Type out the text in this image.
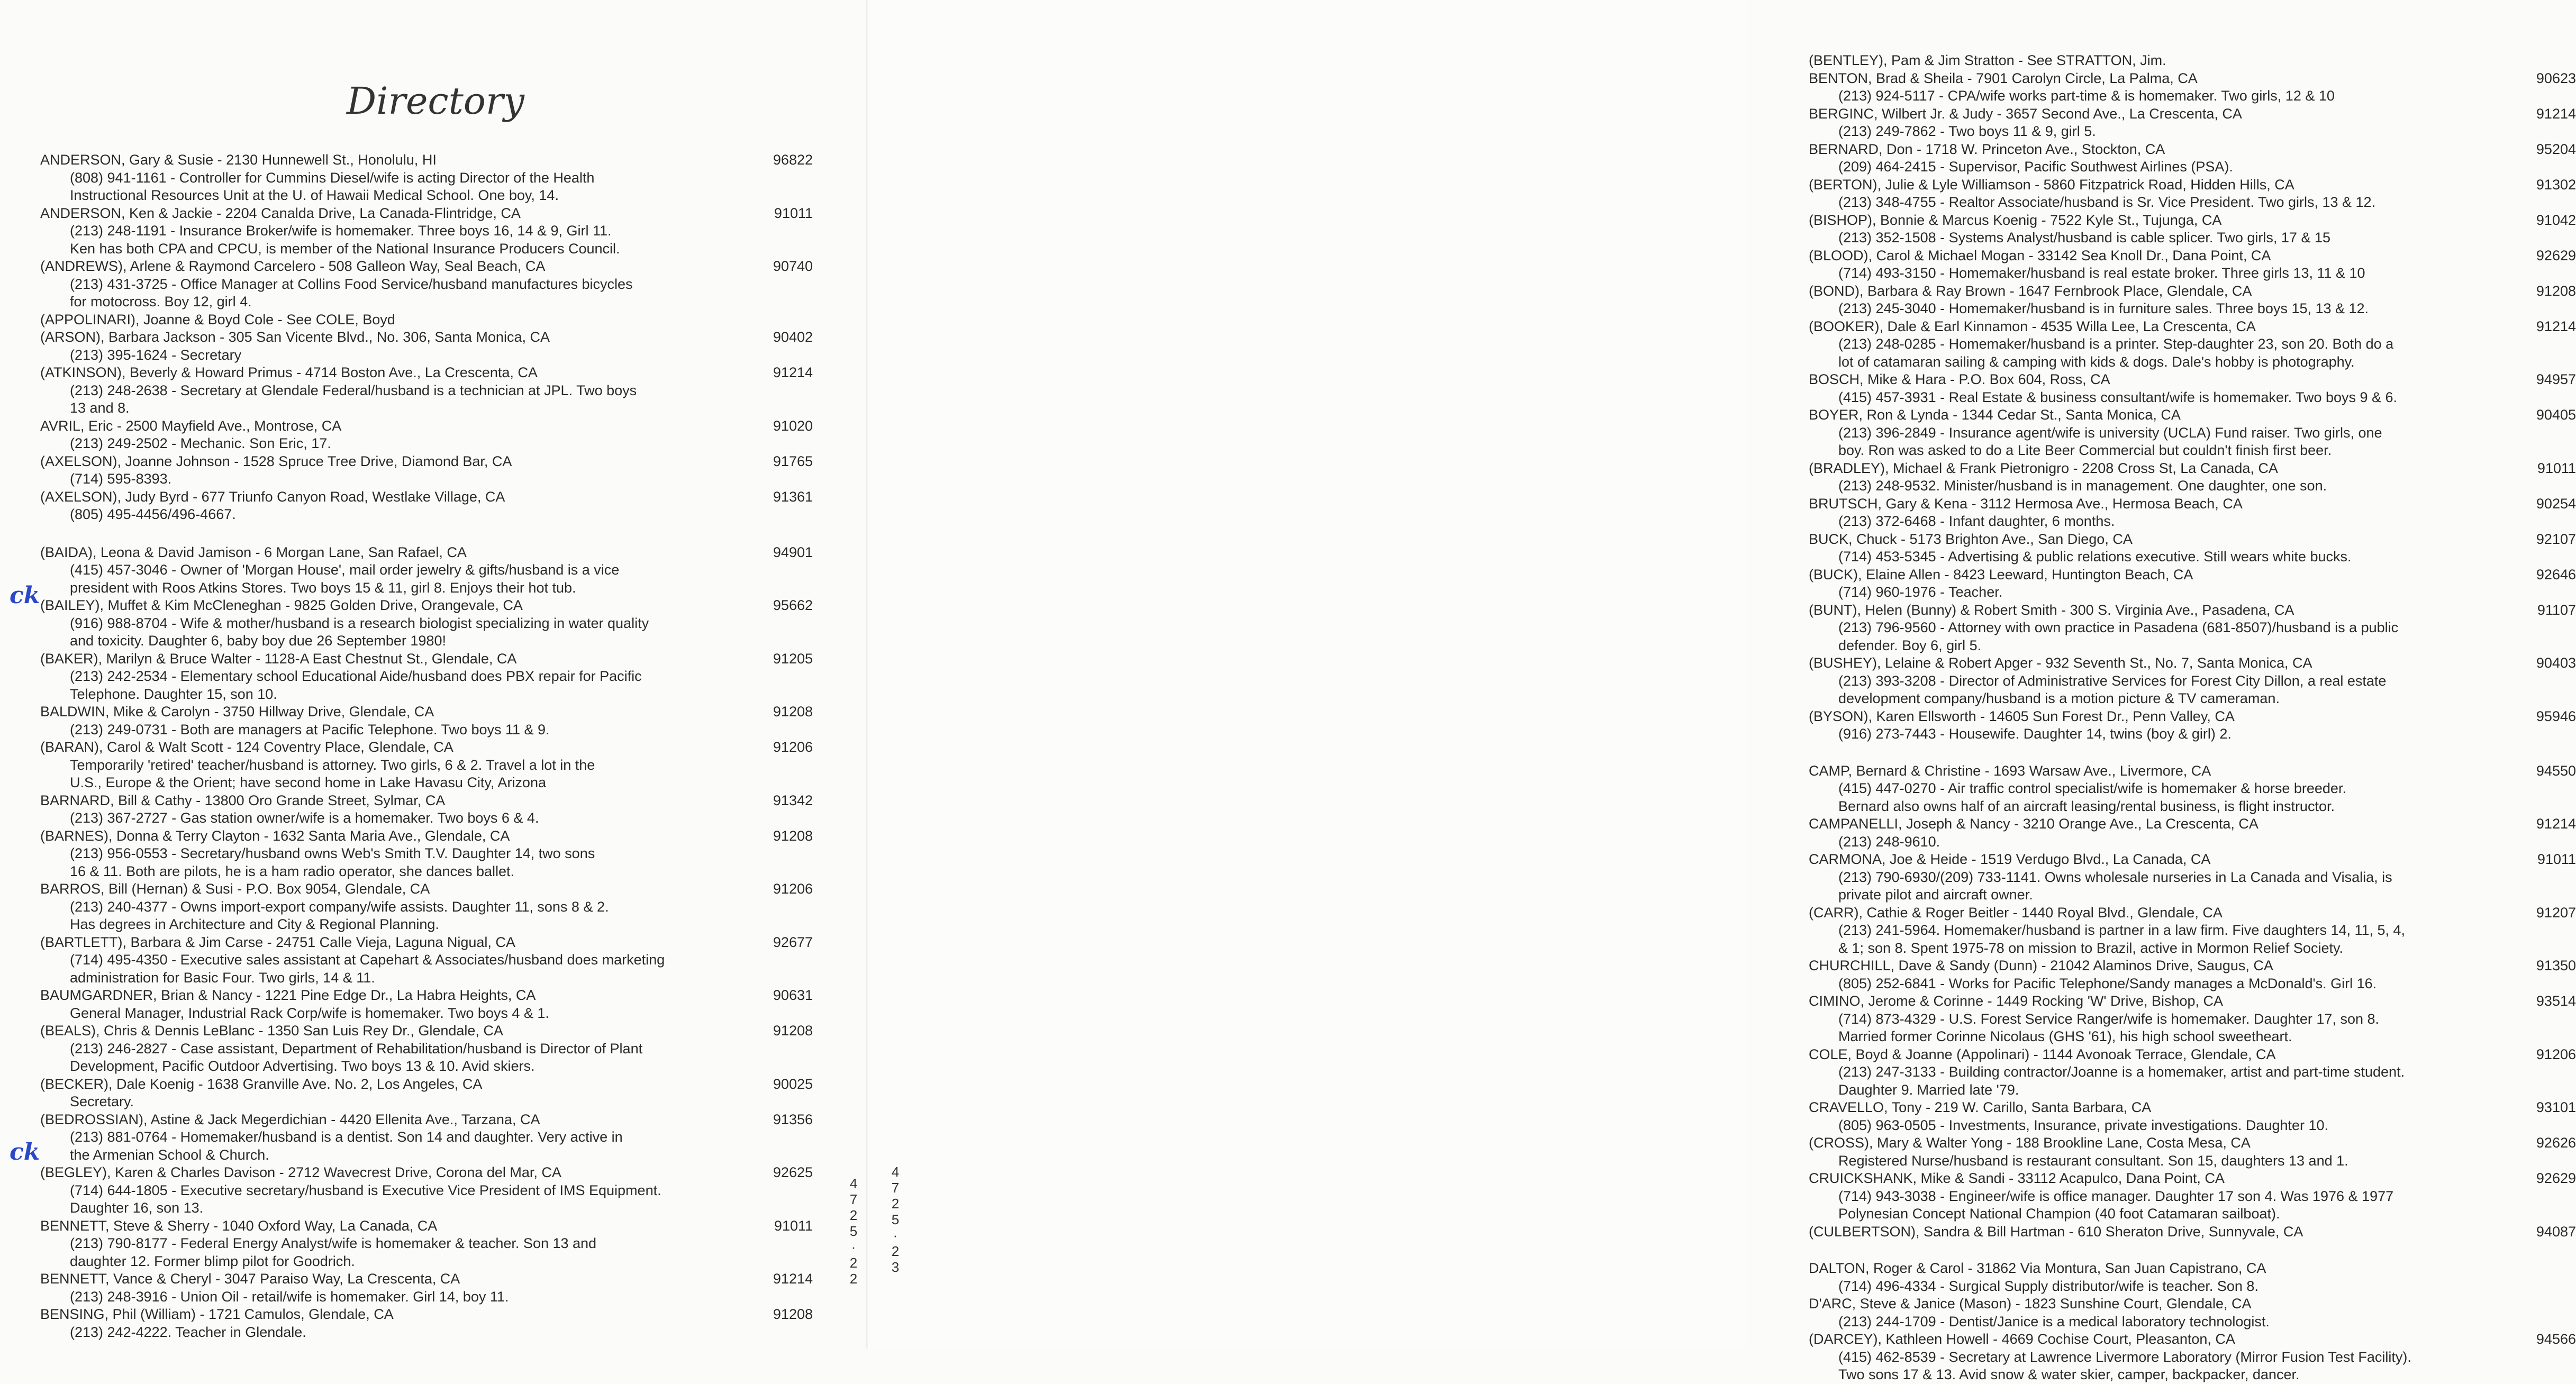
Directory
ANDERSON, Gary & Susie - 2130 Hunnewell St., Honolulu, HI	96822
(808) 941-1161 - Controller for Cummins Diesel/wife is acting Director of the Health
Instructional Resources Unit at the U. of Hawaii Medical School. One boy, 14.
ANDERSON, Ken & Jackie - 2204 Canalda Drive, La Canada-Flintridge, CA	91011
(213) 248-1191 - Insurance Broker/wife is homemaker. Three boys 16, 14 & 9, Girl 11.
Ken has both CPA and CPCU, is member of the National Insurance Producers Council.
(ANDREWS), Arlene & Raymond Carcelero - 508 Galleon Way, Seal Beach, CA	90740
(213) 431-3725 - Office Manager at Collins Food Service/husband manufactures bicycles
for motocross. Boy 12, girl 4.
(APPOLINARI), Joanne & Boyd Cole - See COLE, Boyd
(ARSON), Barbara Jackson - 305 San Vicente Blvd., No. 306, Santa Monica, CA	90402
(213) 395-1624 - Secretary
(ATKINSON), Beverly & Howard Primus - 4714 Boston Ave., La Crescenta, CA	91214
(213) 248-2638 - Secretary at Glendale Federal/husband is a technician at JPL. Two boys
13 and 8.
AVRIL, Eric - 2500 Mayfield Ave., Montrose, CA	91020
(213) 249-2502 - Mechanic. Son Eric, 17.
(AXELSON), Joanne Johnson - 1528 Spruce Tree Drive, Diamond Bar, CA	91765
(714) 595-8393.
(AXELSON), Judy Byrd - 677 Triunfo Canyon Road, Westlake Village, CA	91361
(805) 495-4456/496-4667.
(BAIDA), Leona & David Jamison - 6 Morgan Lane, San Rafael, CA	94901
(415) 457-3046 - Owner of 'Morgan House', mail order jewelry & gifts/husband is a vice
president with Roos Atkins Stores. Two boys 15 & 11, girl 8. Enjoys their hot tub.
(BAILEY), Muffet & Kim McCleneghan - 9825 Golden Drive, Orangevale, CA	95662
(916) 988-8704 - Wife & mother/husband is a research biologist specializing in water quality
and toxicity. Daughter 6, baby boy due 26 September 1980!
(BAKER), Marilyn & Bruce Walter - 1128-A East Chestnut St., Glendale, CA	91205
(213) 242-2534 - Elementary school Educational Aide/husband does PBX repair for Pacific
Telephone. Daughter 15, son 10.
BALDWIN, Mike & Carolyn - 3750 Hillway Drive, Glendale, CA	91208
(213) 249-0731 - Both are managers at Pacific Telephone. Two boys 11 & 9.
(BARAN), Carol & Walt Scott - 124 Coventry Place, Glendale, CA	91206
Temporarily 'retired' teacher/husband is attorney. Two girls, 6 & 2. Travel a lot in the
U.S., Europe & the Orient; have second home in Lake Havasu City, Arizona
BARNARD, Bill & Cathy - 13800 Oro Grande Street, Sylmar, CA	91342
(213) 367-2727 - Gas station owner/wife is a homemaker. Two boys 6 & 4.
(BARNES), Donna & Terry Clayton - 1632 Santa Maria Ave., Glendale, CA	91208
(213) 956-0553 - Secretary/husband owns Web's Smith T.V. Daughter 14, two sons
16 & 11. Both are pilots, he is a ham radio operator, she dances ballet.
BARROS, Bill (Hernan) & Susi - P.O. Box 9054, Glendale, CA	91206
(213) 240-4377 - Owns import-export company/wife assists. Daughter 11, sons 8 & 2.
Has degrees in Architecture and City & Regional Planning.
(BARTLETT), Barbara & Jim Carse - 24751 Calle Vieja, Laguna Nigual, CA	92677
(714) 495-4350 - Executive sales assistant at Capehart & Associates/husband does marketing
administration for Basic Four. Two girls, 14 & 11.
BAUMGARDNER, Brian & Nancy - 1221 Pine Edge Dr., La Habra Heights, CA	90631
General Manager, Industrial Rack Corp/wife is homemaker. Two boys 4 & 1.
(BEALS), Chris & Dennis LeBlanc - 1350 San Luis Rey Dr., Glendale, CA	91208
(213) 246-2827 - Case assistant, Department of Rehabilitation/husband is Director of Plant
Development, Pacific Outdoor Advertising. Two boys 13 & 10. Avid skiers.
(BECKER), Dale Koenig - 1638 Granville Ave. No. 2, Los Angeles, CA	90025
Secretary.
(BEDROSSIAN), Astine & Jack Megerdichian - 4420 Ellenita Ave., Tarzana, CA	91356
(213) 881-0764 - Homemaker/husband is a dentist. Son 14 and daughter. Very active in
the Armenian School & Church.
(BEGLEY), Karen & Charles Davison - 2712 Wavecrest Drive, Corona del Mar, CA	92625
(714) 644-1805 - Executive secretary/husband is Executive Vice President of IMS Equipment.
Daughter 16, son 13.
BENNETT, Steve & Sherry - 1040 Oxford Way, La Canada, CA	91011
(213) 790-8177 - Federal Energy Analyst/wife is homemaker & teacher. Son 13 and
daughter 12. Former blimp pilot for Goodrich.
BENNETT, Vance & Cheryl - 3047 Paraiso Way, La Crescenta, CA	91214
(213) 248-3916 - Union Oil - retail/wife is homemaker. Girl 14, boy 11.
BENSING, Phil (William) - 1721 Camulos, Glendale, CA	91208
(213) 242-4222. Teacher in Glendale.
ck
ck
4
7
2
5
·
2
2
(BENTLEY), Pam & Jim Stratton - See STRATTON, Jim.
BENTON, Brad & Sheila - 7901 Carolyn Circle, La Palma, CA	90623
(213) 924-5117 - CPA/wife works part-time & is homemaker. Two girls, 12 & 10
BERGINC, Wilbert Jr. & Judy - 3657 Second Ave., La Crescenta, CA	91214
(213) 249-7862 - Two boys 11 & 9, girl 5.
BERNARD, Don - 1718 W. Princeton Ave., Stockton, CA	95204
(209) 464-2415 - Supervisor, Pacific Southwest Airlines (PSA).
(BERTON), Julie & Lyle Williamson - 5860 Fitzpatrick Road, Hidden Hills, CA	91302
(213) 348-4755 - Realtor Associate/husband is Sr. Vice President. Two girls, 13 & 12.
(BISHOP), Bonnie & Marcus Koenig - 7522 Kyle St., Tujunga, CA	91042
(213) 352-1508 - Systems Analyst/husband is cable splicer. Two girls, 17 & 15
(BLOOD), Carol & Michael Mogan - 33142 Sea Knoll Dr., Dana Point, CA	92629
(714) 493-3150 - Homemaker/husband is real estate broker. Three girls 13, 11 & 10
(BOND), Barbara & Ray Brown - 1647 Fernbrook Place, Glendale, CA	91208
(213) 245-3040 - Homemaker/husband is in furniture sales. Three boys 15, 13 & 12.
(BOOKER), Dale & Earl Kinnamon - 4535 Willa Lee, La Crescenta, CA	91214
(213) 248-0285 - Homemaker/husband is a printer. Step-daughter 23, son 20. Both do a
lot of catamaran sailing & camping with kids & dogs. Dale's hobby is photography.
BOSCH, Mike & Hara - P.O. Box 604, Ross, CA	94957
(415) 457-3931 - Real Estate & business consultant/wife is homemaker. Two boys 9 & 6.
BOYER, Ron & Lynda - 1344 Cedar St., Santa Monica, CA	90405
(213) 396-2849 - Insurance agent/wife is university (UCLA) Fund raiser. Two girls, one
boy. Ron was asked to do a Lite Beer Commercial but couldn't finish first beer.
(BRADLEY), Michael & Frank Pietronigro - 2208 Cross St, La Canada, CA	91011
(213) 248-9532. Minister/husband is in management. One daughter, one son.
BRUTSCH, Gary & Kena - 3112 Hermosa Ave., Hermosa Beach, CA	90254
(213) 372-6468 - Infant daughter, 6 months.
BUCK, Chuck - 5173 Brighton Ave., San Diego, CA	92107
(714) 453-5345 - Advertising & public relations executive. Still wears white bucks.
(BUCK), Elaine Allen - 8423 Leeward, Huntington Beach, CA	92646
(714) 960-1976 - Teacher.
(BUNT), Helen (Bunny) & Robert Smith - 300 S. Virginia Ave., Pasadena, CA	91107
(213) 796-9560 - Attorney with own practice in Pasadena (681-8507)/husband is a public
defender. Boy 6, girl 5.
(BUSHEY), Lelaine & Robert Apger - 932 Seventh St., No. 7, Santa Monica, CA	90403
(213) 393-3208 - Director of Administrative Services for Forest City Dillon, a real estate
development company/husband is a motion picture & TV cameraman.
(BYSON), Karen Ellsworth - 14605 Sun Forest Dr., Penn Valley, CA	95946
(916) 273-7443 - Housewife. Daughter 14, twins (boy & girl) 2.
CAMP, Bernard & Christine - 1693 Warsaw Ave., Livermore, CA	94550
(415) 447-0270 - Air traffic control specialist/wife is homemaker & horse breeder.
Bernard also owns half of an aircraft leasing/rental business, is flight instructor.
CAMPANELLI, Joseph & Nancy - 3210 Orange Ave., La Crescenta, CA	91214
(213) 248-9610.
CARMONA, Joe & Heide - 1519 Verdugo Blvd., La Canada, CA	91011
(213) 790-6930/(209) 733-1141. Owns wholesale nurseries in La Canada and Visalia, is
private pilot and aircraft owner.
(CARR), Cathie & Roger Beitler - 1440 Royal Blvd., Glendale, CA	91207
(213) 241-5964. Homemaker/husband is partner in a law firm. Five daughters 14, 11, 5, 4,
& 1; son 8. Spent 1975-78 on mission to Brazil, active in Mormon Relief Society.
CHURCHILL, Dave & Sandy (Dunn) - 21042 Alaminos Drive, Saugus, CA	91350
(805) 252-6841 - Works for Pacific Telephone/Sandy manages a McDonald's. Girl 16.
CIMINO, Jerome & Corinne - 1449 Rocking 'W' Drive, Bishop, CA	93514
(714) 873-4329 - U.S. Forest Service Ranger/wife is homemaker. Daughter 17, son 8.
Married former Corinne Nicolaus (GHS '61), his high school sweetheart.
COLE, Boyd & Joanne (Appolinari) - 1144 Avonoak Terrace, Glendale, CA	91206
(213) 247-3133 - Building contractor/Joanne is a homemaker, artist and part-time student.
Daughter 9. Married late '79.
CRAVELLO, Tony - 219 W. Carillo, Santa Barbara, CA	93101
(805) 963-0505 - Investments, Insurance, private investigations. Daughter 10.
(CROSS), Mary & Walter Yong - 188 Brookline Lane, Costa Mesa, CA	92626
Registered Nurse/husband is restaurant consultant. Son 15, daughters 13 and 1.
CRUICKSHANK, Mike & Sandi - 33112 Acapulco, Dana Point, CA	92629
(714) 943-3038 - Engineer/wife is office manager. Daughter 17 son 4. Was 1976 & 1977
Polynesian Concept National Champion (40 foot Catamaran sailboat).
(CULBERTSON), Sandra & Bill Hartman - 610 Sheraton Drive, Sunnyvale, CA	94087
DALTON, Roger & Carol - 31862 Via Montura, San Juan Capistrano, CA
(714) 496-4334 - Surgical Supply distributor/wife is teacher. Son 8.
D'ARC, Steve & Janice (Mason) - 1823 Sunshine Court, Glendale, CA
(213) 244-1709 - Dentist/Janice is a medical laboratory technologist.
(DARCEY), Kathleen Howell - 4669 Cochise Court, Pleasanton, CA	94566
(415) 462-8539 - Secretary at Lawrence Livermore Laboratory (Mirror Fusion Test Facility).
Two sons 17 & 13. Avid snow & water skier, camper, backpacker, dancer.
4
7
2
5
·
2
3
